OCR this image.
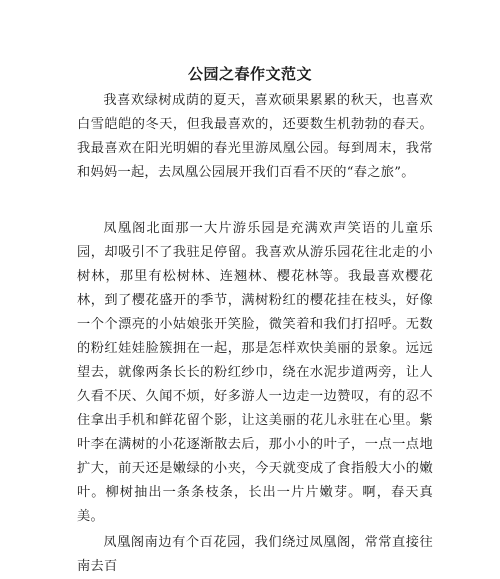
公园之春作文范文

我喜欢绿树成荫的夏天，喜欢硕果累累的秋天，也喜欢白雪皑皑的冬天，但我最喜欢的，还要数生机勃勃的春天。我最喜欢在阳光明媚的春光里游凤凰公园。每到周末，我常和妈妈一起，去凤凰公园展开我们百看不厌的“春之旅”。

凤凰阁北面那一大片游乐园是充满欢声笑语的儿童乐园，却吸引不了我驻足停留。我喜欢从游乐园花往北走的小树林，那里有松树林、连翘林、樱花林等。我最喜欢樱花林，到了樱花盛开的季节，满树粉红的樱花挂在枝头，好像一个个漂亮的小姑娘张开笑脸，微笑着和我们打招呼。无数的粉红娃娃脸簇拥在一起，那是怎样欢快美丽的景象。远远望去，就像两条长长的粉红纱巾，绕在水泥步道两旁，让人久看不厌、久闻不烦，好多游人一边走一边赞叹，有的忍不住拿出手机和鲜花留个影，让这美丽的花儿永驻在心里。紫叶李在满树的小花逐渐散去后，那小小的叶子，一点一点地扩大，前天还是嫩绿的小夹，今天就变成了食指般大小的嫩叶。柳树抽出一条条枝条，长出一片片嫩芽。啊，春天真美。

凤凰阁南边有个百花园，我们绕过凤凰阁，常常直接往南去百
